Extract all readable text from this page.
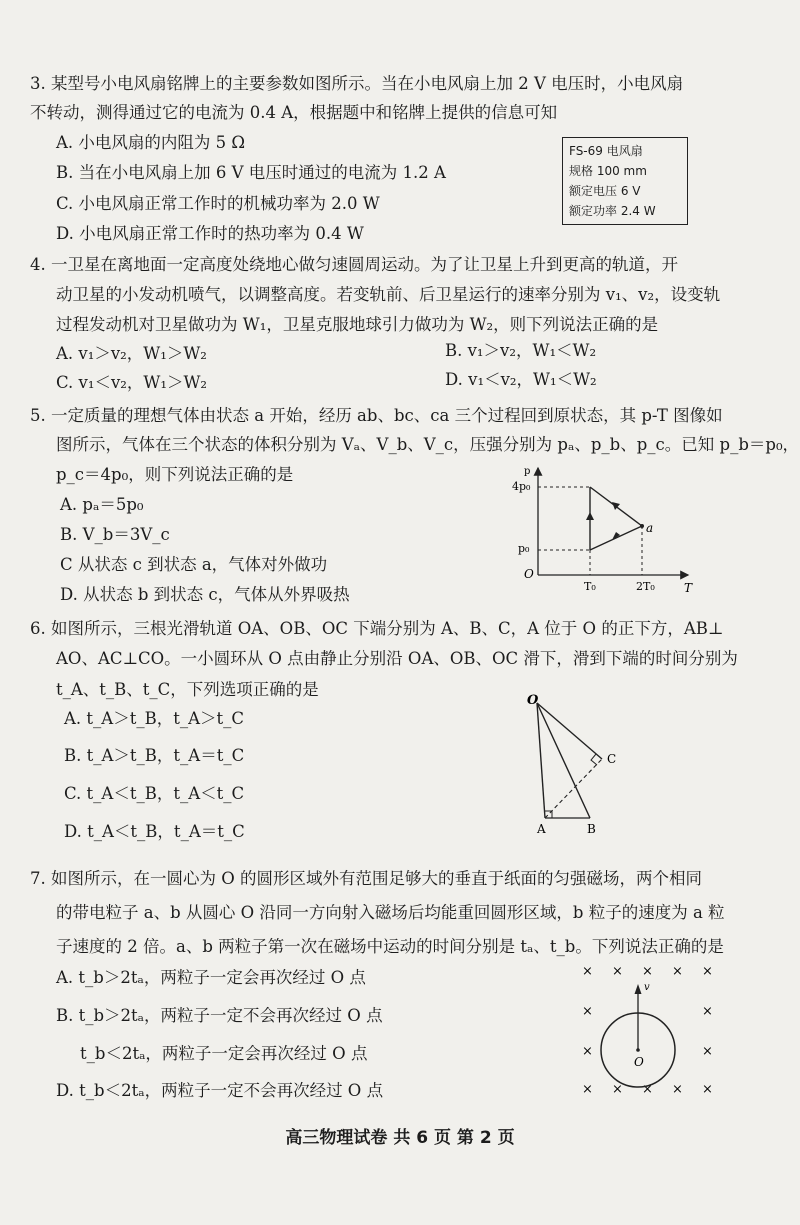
3. 某型号小电风扇铭牌上的主要参数如图所示。当在小电风扇上加 2 V 电压时，小电风扇
不转动，测得通过它的电流为 0.4 A，根据题中和铭牌上提供的信息可知
A. 小电风扇的内阻为 5 Ω
B. 当在小电风扇上加 6 V 电压时通过的电流为 1.2 A
C. 小电风扇正常工作时的机械功率为 2.0 W
D. 小电风扇正常工作时的热功率为 0.4 W
FS-69 电风扇
规格 100 mm
额定电压 6 V
额定功率 2.4 W
4. 一卫星在离地面一定高度处绕地心做匀速圆周运动。为了让卫星上升到更高的轨道，开
动卫星的小发动机喷气，以调整高度。若变轨前、后卫星运行的速率分别为 v₁、v₂，设变轨
过程发动机对卫星做功为 W₁，卫星克服地球引力做功为 W₂，则下列说法正确的是
A. v₁＞v₂，W₁＞W₂	B. v₁＞v₂，W₁＜W₂
C. v₁＜v₂，W₁＞W₂	D. v₁＜v₂，W₁＜W₂
5. 一定质量的理想气体由状态 a 开始，经历 ab、bc、ca 三个过程回到原状态，其 p-T 图像如
图所示，气体在三个状态的体积分别为 Vₐ、V_b、V_c，压强分别为 pₐ、p_b、p_c。已知 p_b＝p₀，
p_c＝4p₀，则下列说法正确的是
A. pₐ＝5p₀
B. V_b＝3V_c
C 从状态 c 到状态 a，气体对外做功
D. 从状态 b 到状态 c，气体从外界吸热
p
T
O
4p₀
p₀
T₀	2T₀
a
6. 如图所示，三根光滑轨道 OA、OB、OC 下端分别为 A、B、C，A 位于 O 的正下方，AB⊥
AO、AC⊥CO。一小圆环从 O 点由静止分别沿 OA、OB、OC 滑下，滑到下端的时间分别为
t_A、t_B、t_C，下列选项正确的是
A. t_A＞t_B，t_A＞t_C
B. t_A＞t_B，t_A＝t_C
C. t_A＜t_B，t_A＜t_C
D. t_A＜t_B，t_A＝t_C
O
A	B
C
7. 如图所示，在一圆心为 O 的圆形区域外有范围足够大的垂直于纸面的匀强磁场，两个相同
的带电粒子 a、b 从圆心 O 沿同一方向射入磁场后均能重回圆形区域，b 粒子的速度为 a 粒
子速度的 2 倍。a、b 两粒子第一次在磁场中运动的时间分别是 tₐ、t_b。下列说法正确的是
A. t_b＞2tₐ，两粒子一定会再次经过 O 点
B. t_b＞2tₐ，两粒子一定不会再次经过 O 点
t_b＜2tₐ，两粒子一定会再次经过 O 点
D. t_b＜2tₐ，两粒子一定不会再次经过 O 点
× × × × ×
×	×
×	×
× × × × ×
v
O
高三物理试卷 共 6 页 第 2 页
